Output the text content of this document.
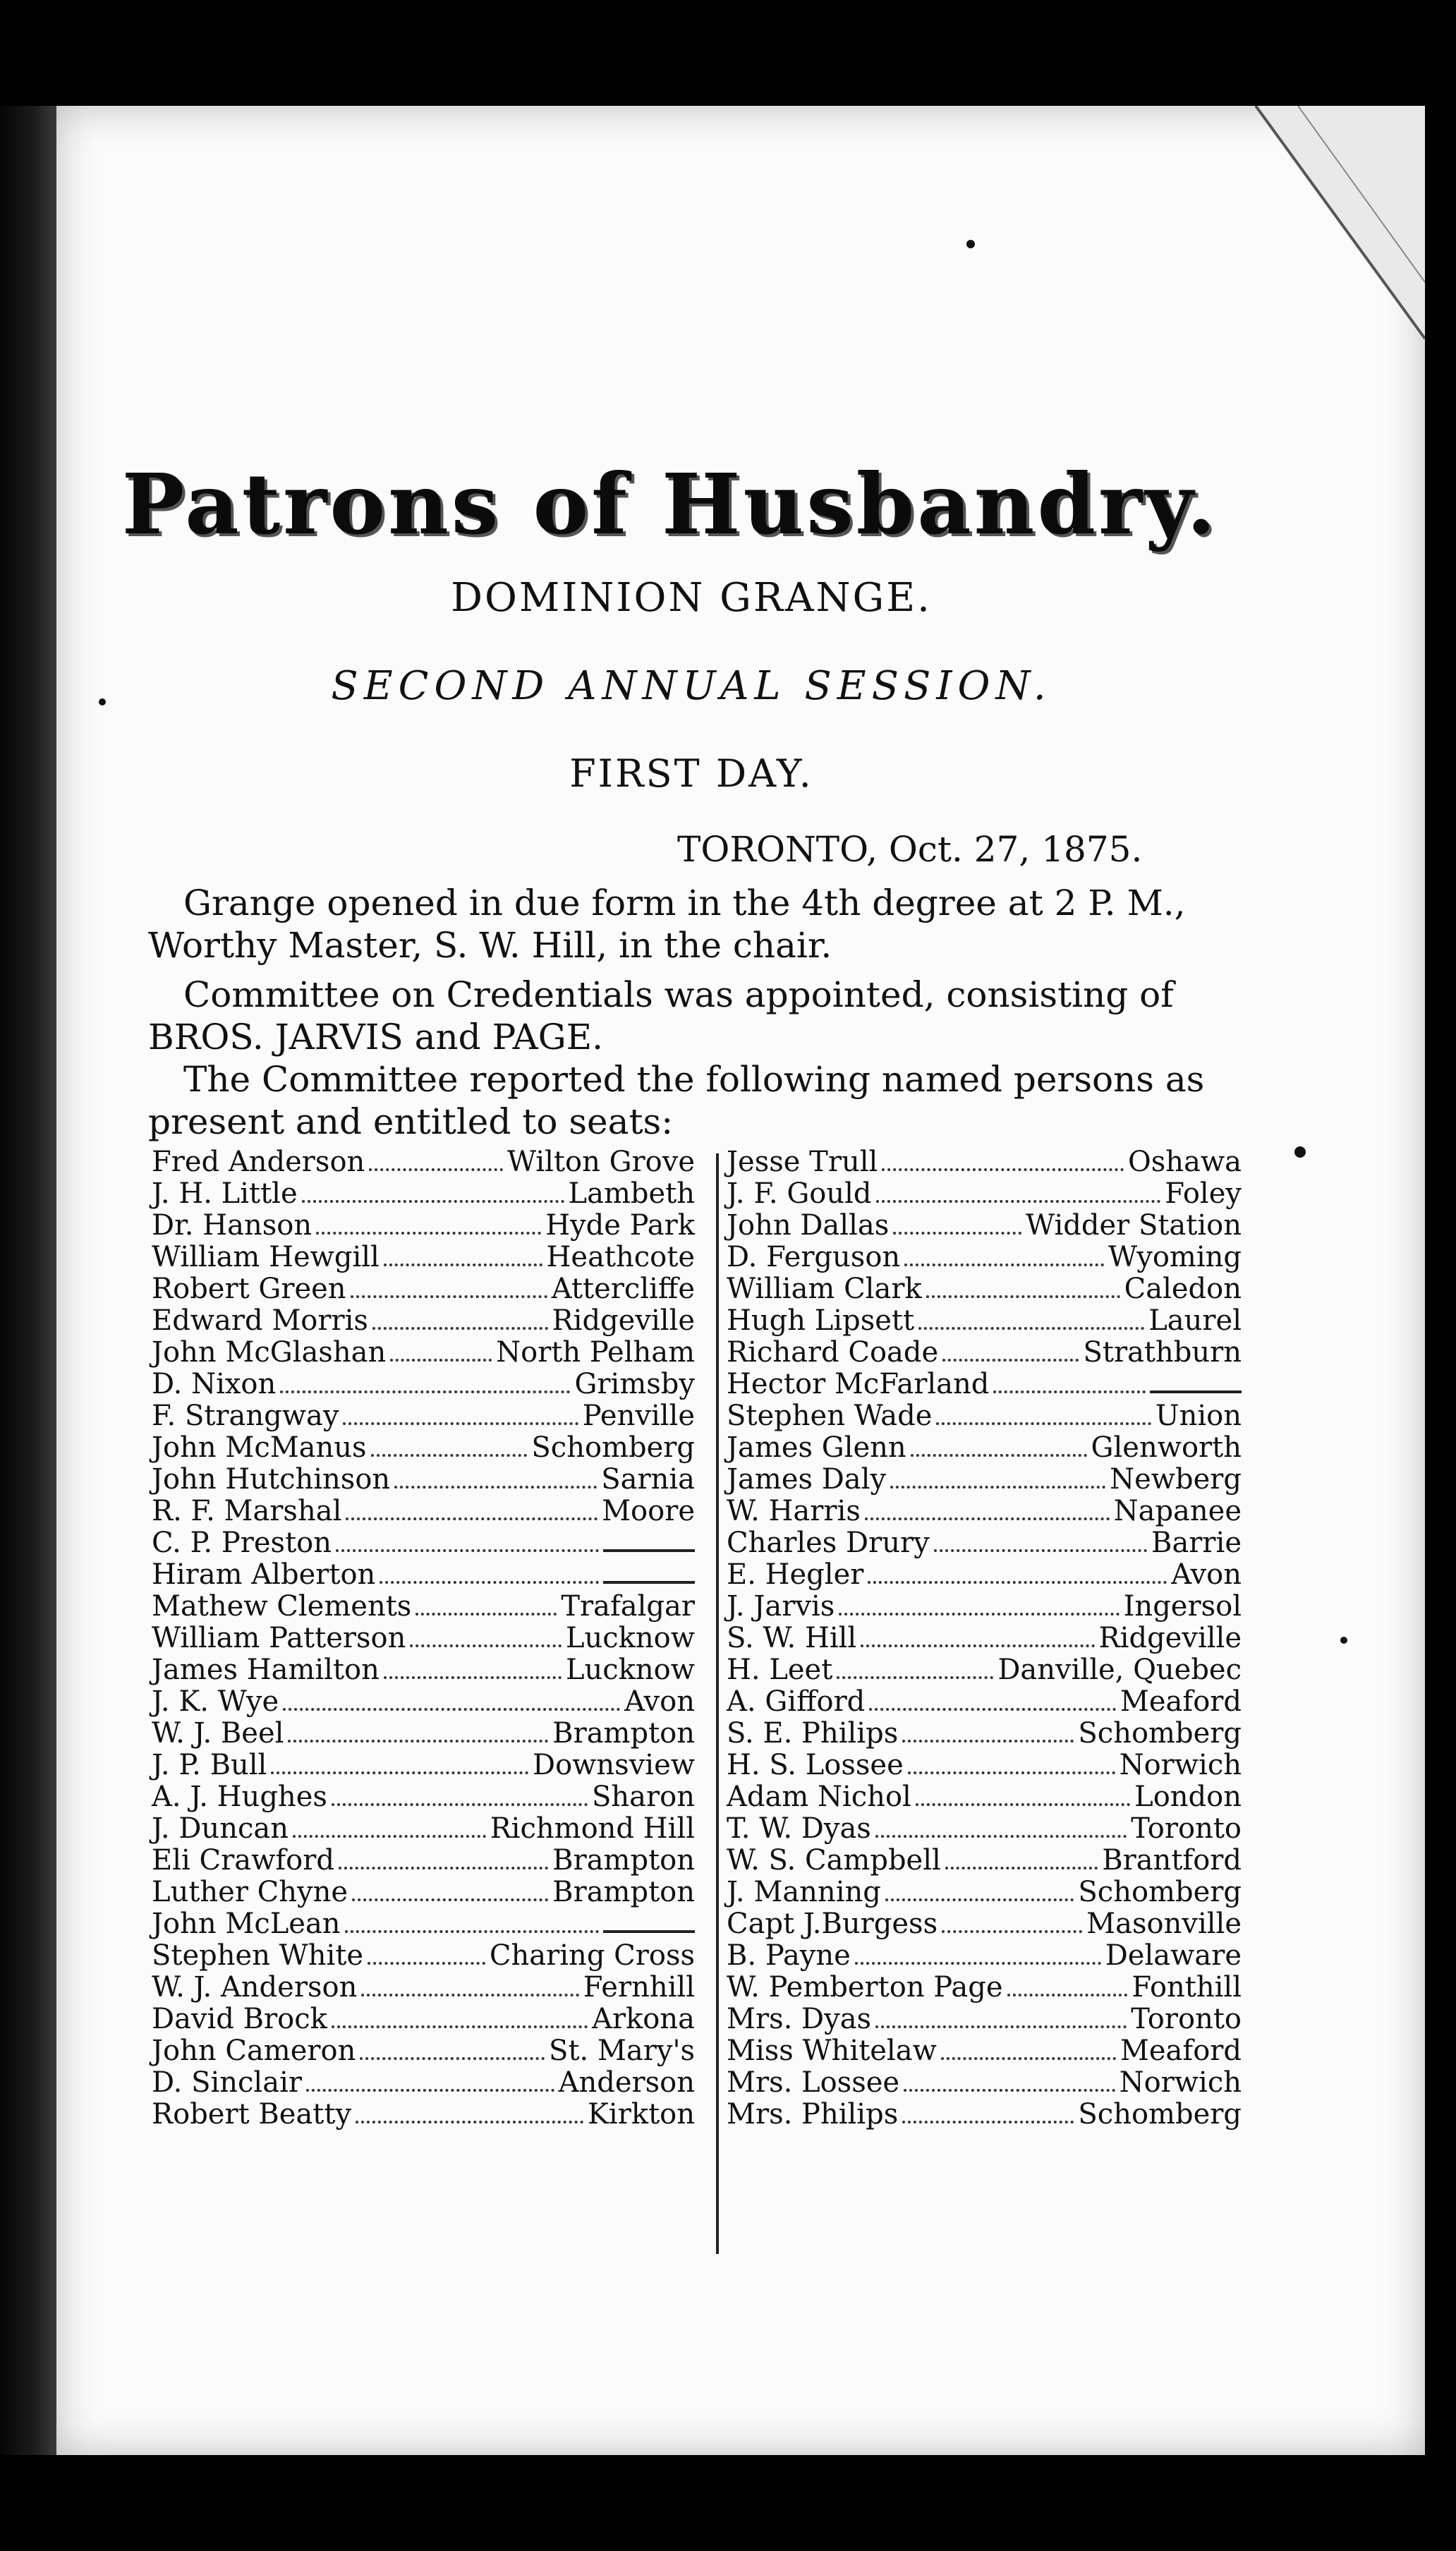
Patrons of Husbandry.
DOMINION GRANGE.
SECOND ANNUAL SESSION.
FIRST DAY.
TORONTO, Oct. 27, 1875.
Grange opened in due form in the 4th degree at 2 P. M., Worthy Master, S. W. Hill, in the chair.
Committee on Credentials was appointed, consisting of BROS. JARVIS and PAGE.
The Committee reported the following named persons as present and entitled to seats:
Fred Anderson	Wilton Grove
J. H. Little	Lambeth
Dr. Hanson	Hyde Park
William Hewgill	Heathcote
Robert Green	Attercliffe
Edward Morris	Ridgeville
John McGlashan	North Pelham
D. Nixon	Grimsby
F. Strangway	Penville
John McManus	Schomberg
John Hutchinson	Sarnia
R. F. Marshal	Moore
C. P. Preston
Hiram Alberton
Mathew Clements	Trafalgar
William Patterson	Lucknow
James Hamilton	Lucknow
J. K. Wye	Avon
W. J. Beel	Brampton
J. P. Bull	Downsview
A. J. Hughes	Sharon
J. Duncan	Richmond Hill
Eli Crawford	Brampton
Luther Chyne	Brampton
John McLean
Stephen White	Charing Cross
W. J. Anderson	Fernhill
David Brock	Arkona
John Cameron	St. Mary's
D. Sinclair	Anderson
Robert Beatty	Kirkton
Jesse Trull	Oshawa
J. F. Gould	Foley
John Dallas	Widder Station
D. Ferguson	Wyoming
William Clark	Caledon
Hugh Lipsett	Laurel
Richard Coade	Strathburn
Hector McFarland
Stephen Wade	Union
James Glenn	Glenworth
James Daly	Newberg
W. Harris	Napanee
Charles Drury	Barrie
E. Hegler	Avon
J. Jarvis	Ingersol
S. W. Hill	Ridgeville
H. Leet	Danville, Quebec
A. Gifford	Meaford
S. E. Philips	Schomberg
H. S. Lossee	Norwich
Adam Nichol	London
T. W. Dyas	Toronto
W. S. Campbell	Brantford
J. Manning	Schomberg
Capt J.Burgess	Masonville
B. Payne	Delaware
W. Pemberton Page	Fonthill
Mrs. Dyas	Toronto
Miss Whitelaw	Meaford
Mrs. Lossee	Norwich
Mrs. Philips	Schomberg
